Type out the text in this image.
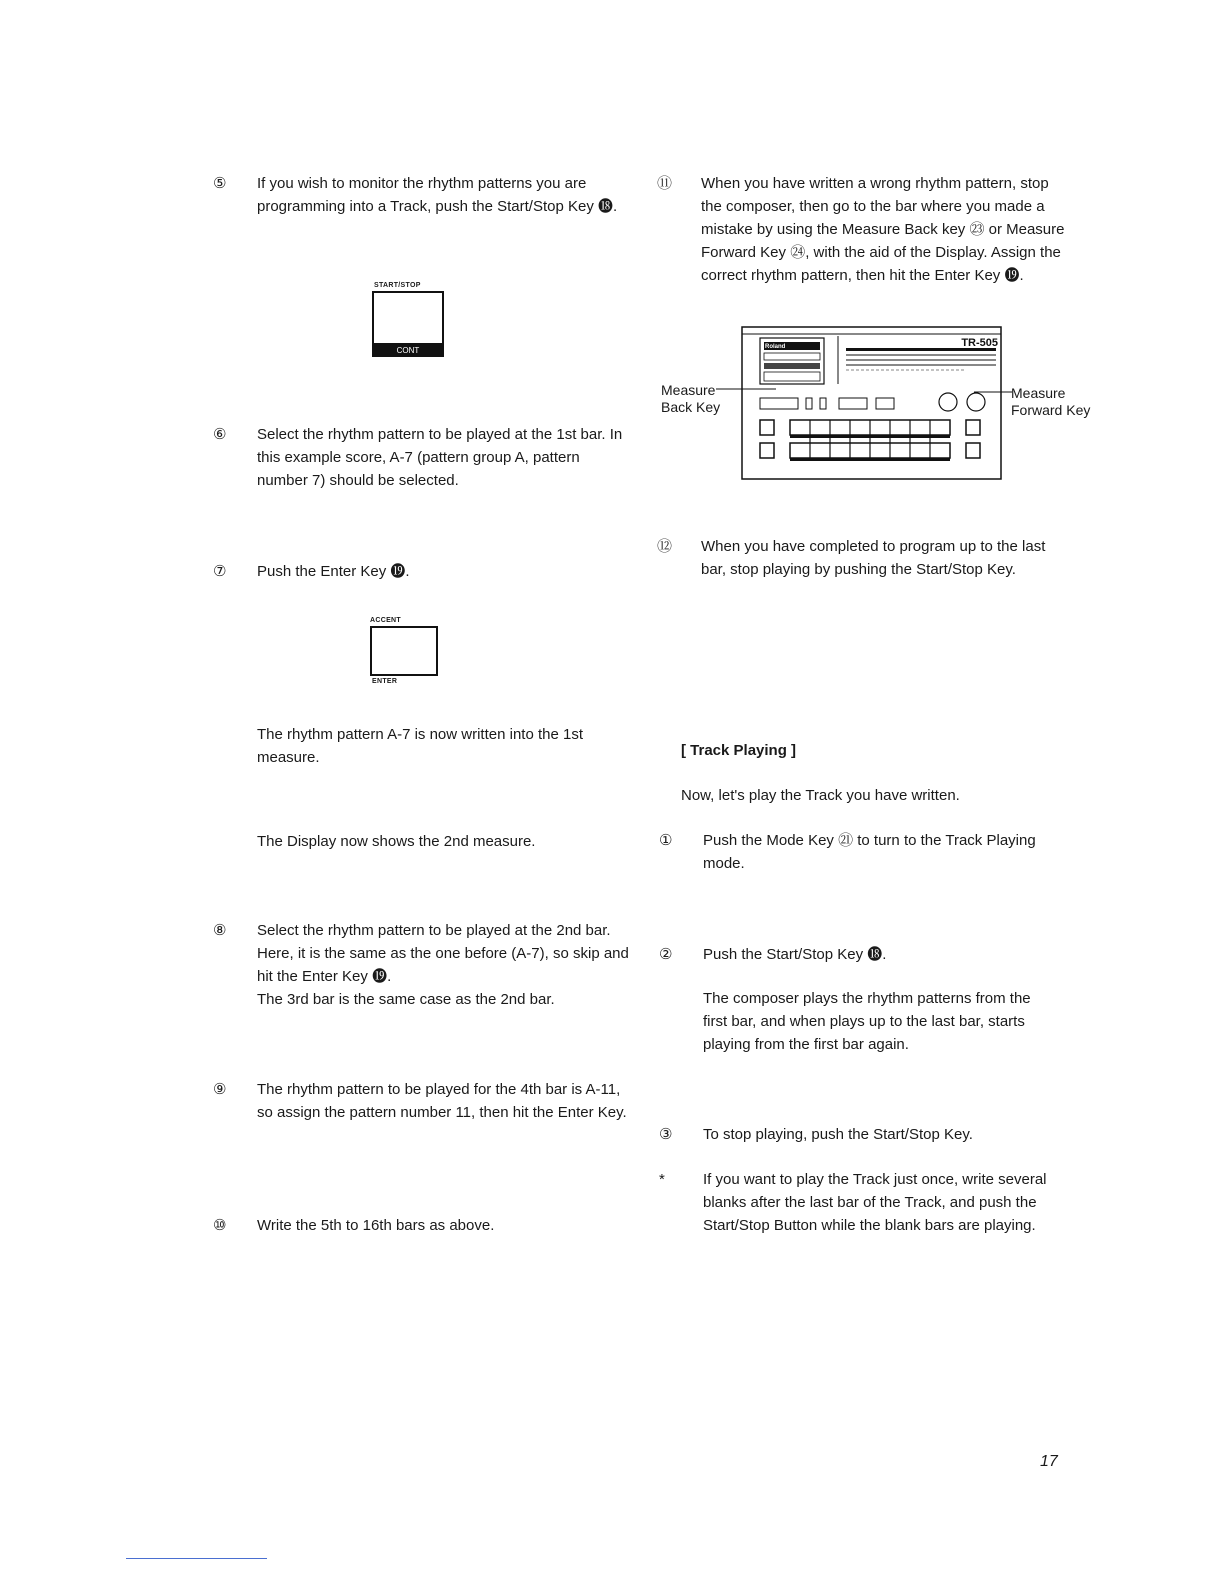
⑤ If you wish to monitor the rhythm patterns you are programming into a Track, push the Start/Stop Key ⓲.
START/STOP
CONT
⑥ Select the rhythm pattern to be played at the 1st bar. In this example score, A-7 (pattern group A, pattern number 7) should be selected.
⑦ Push the Enter Key ⓳.
ACCENT
ENTER
The rhythm pattern A-7 is now written into the 1st measure.
The Display now shows the 2nd measure.
⑧ Select the rhythm pattern to be played at the 2nd bar. Here, it is the same as the one before (A-7), so skip and hit the Enter Key ⓳.
The 3rd bar is the same case as the 2nd bar.
⑨ The rhythm pattern to be played for the 4th bar is A-11, so assign the pattern number 11, then hit the Enter Key.
⑩ Write the 5th to 16th bars as above.
⑪ When you have written a wrong rhythm pattern, stop the composer, then go to the bar where you made a mistake by using the Measure Back key ㉓ or Measure Forward Key ㉔, with the aid of the Display. Assign the correct rhythm pattern, then hit the Enter Key ⓳.
Measure
Back Key
Measure
Forward Key
Roland	TR-505
⑫ When you have completed to program up to the last bar, stop playing by pushing the Start/Stop Key.
[ Track Playing ]
Now, let's play the Track you have written.
① Push the Mode Key ㉑ to turn to the Track Playing mode.
② Push the Start/Stop Key ⓲.
The composer plays the rhythm patterns from the first bar, and when plays up to the last bar, starts playing from the first bar again.
③ To stop playing, push the Start/Stop Key.
*	If you want to play the Track just once, write several blanks after the last bar of the Track, and push the Start/Stop Button while the blank bars are playing.
17
